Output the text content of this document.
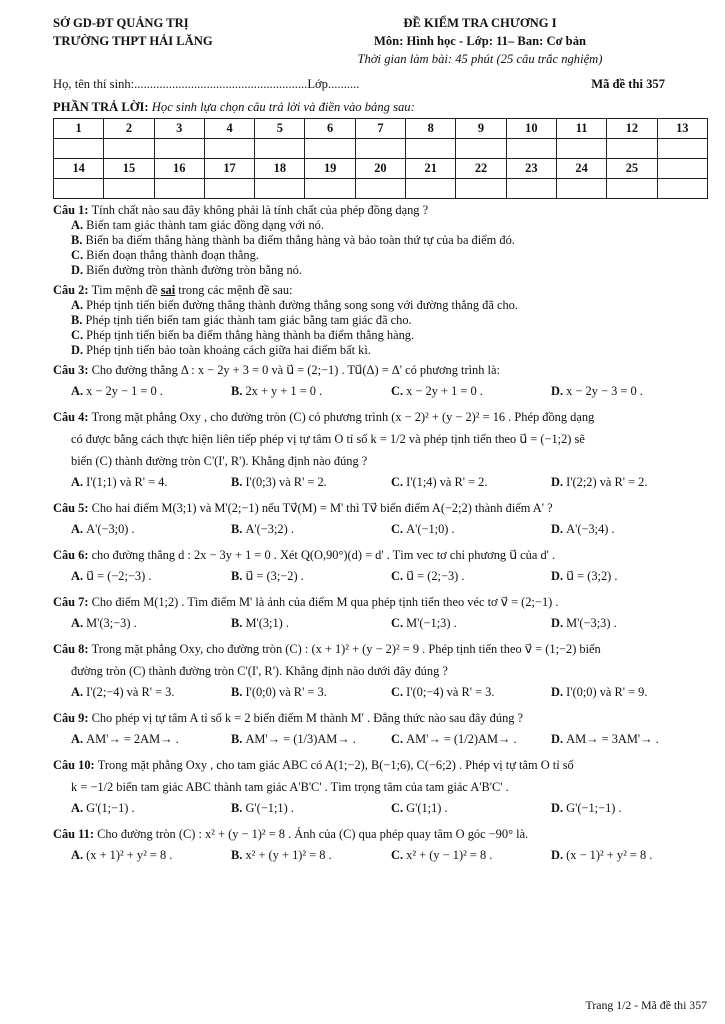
SỞ GD-ĐT QUẢNG TRỊ
TRƯỜNG THPT HẢI LĂNG
ĐỀ KIỂM TRA CHƯƠNG I
Môn: Hình học - Lớp: 11– Ban: Cơ bản
Thời gian làm bài: 45 phút (25 câu trắc nghiệm)
Họ, tên thí sinh:.......................................................Lớp..........	Mã đề thi 357
PHẦN TRẢ LỜI: Học sinh lựa chọn câu trả lời và điền vào bảng sau:
1	2	3	4	5	6	7	8	9	10	11	12	13

14	15	16	17	18	19	20	21	22	23	24	25	

Câu 1: Tính chất nào sau đây không phải là tính chất của phép đồng dạng ?
A. Biến tam giác thành tam giác đồng dạng với nó.
B. Biến ba điểm thẳng hàng thành ba điểm thẳng hàng và bảo toàn thứ tự của ba điểm đó.
C. Biến đoạn thẳng thành đoạn thẳng.
D. Biến đường tròn thành đường tròn bằng nó.
Câu 2: Tìm mệnh đề sai trong các mệnh đề sau:
A. Phép tịnh tiến biến đường thẳng thành đường thẳng song song với đường thẳng đã cho.
B. Phép tịnh tiến biến tam giác thành tam giác bằng tam giác đã cho.
C. Phép tịnh tiến biến ba điểm thẳng hàng thành ba điểm thẳng hàng.
D. Phép tịnh tiến bảo toàn khoảng cách giữa hai điểm bất kì.
Câu 3: Cho đường thẳng Δ : x − 2y + 3 = 0 và u⃗ = (2;−1) . Tu⃗(Δ) = Δ' có phương trình là:
A. x − 2y − 1 = 0 .	B. 2x + y + 1 = 0 .	C. x − 2y + 1 = 0 .	D. x − 2y − 3 = 0 .
Câu 4: Trong mặt phẳng Oxy , cho đường tròn (C) có phương trình (x − 2)² + (y − 2)² = 16 . Phép đồng dạng
có được bằng cách thực hiện liên tiếp phép vị tự tâm O tỉ số k = 1/2 và phép tịnh tiến theo u⃗ = (−1;2) sẽ
biến (C) thành đường tròn C'(I', R'). Khẳng định nào đúng ?
A. I'(1;1) và R' = 4.	B. I'(0;3) và R' = 2.	C. I'(1;4) và R' = 2.	D. I'(2;2) và R' = 2.
Câu 5: Cho hai điểm M(3;1) và M'(2;−1) nếu Tv⃗(M) = M' thì Tv⃗ biến điểm A(−2;2) thành điểm A' ?
A. A'(−3;0) .	B. A'(−3;2) .	C. A'(−1;0) .	D. A'(−3;4) .
Câu 6: cho đường thẳng d : 2x − 3y + 1 = 0 . Xét Q(O,90°)(d) = d' . Tìm vec tơ chỉ phương u⃗ của d' .
A. u⃗ = (−2;−3) .	B. u⃗ = (3;−2) .	C. u⃗ = (2;−3) .	D. u⃗ = (3;2) .
Câu 7: Cho điểm M(1;2) . Tìm điểm M' là ảnh của điểm M qua phép tịnh tiến theo véc tơ v⃗ = (2;−1) .
A. M'(3;−3) .	B. M'(3;1) .	C. M'(−1;3) .	D. M'(−3;3) .
Câu 8: Trong mặt phẳng Oxy, cho đường tròn (C) : (x + 1)² + (y − 2)² = 9 . Phép tịnh tiến theo v⃗ = (1;−2) biến
đường tròn (C) thành đường tròn C'(I', R'). Khẳng định nào dưới đây đúng ?
A. I'(2;−4) và R' = 3.	B. I'(0;0) và R' = 3.	C. I'(0;−4) và R' = 3.	D. I'(0;0) và R' = 9.
Câu 9: Cho phép vị tự tâm A tỉ số k = 2 biến điểm M thành M' . Đẳng thức nào sau đây đúng ?
A. AM'→ = 2AM→ .	B. AM'→ = (1/3)AM→ .	C. AM'→ = (1/2)AM→ .	D. AM→ = 3AM'→ .
Câu 10: Trong mặt phẳng Oxy , cho tam giác ABC có A(1;−2), B(−1;6), C(−6;2) . Phép vị tự tâm O tỉ số
k = −1/2 biến tam giác ABC thành tam giác A'B'C' . Tìm trọng tâm của tam giác A'B'C' .
A. G'(1;−1) .	B. G'(−1;1) .	C. G'(1;1) .	D. G'(−1;−1) .
Câu 11: Cho đường tròn (C) : x² + (y − 1)² = 8 . Ảnh của (C) qua phép quay tâm O góc −90° là.
A. (x + 1)² + y² = 8 .	B. x² + (y + 1)² = 8 .	C. x² + (y − 1)² = 8 .	D. (x − 1)² + y² = 8 .
Trang 1/2 - Mã đề thi 357
